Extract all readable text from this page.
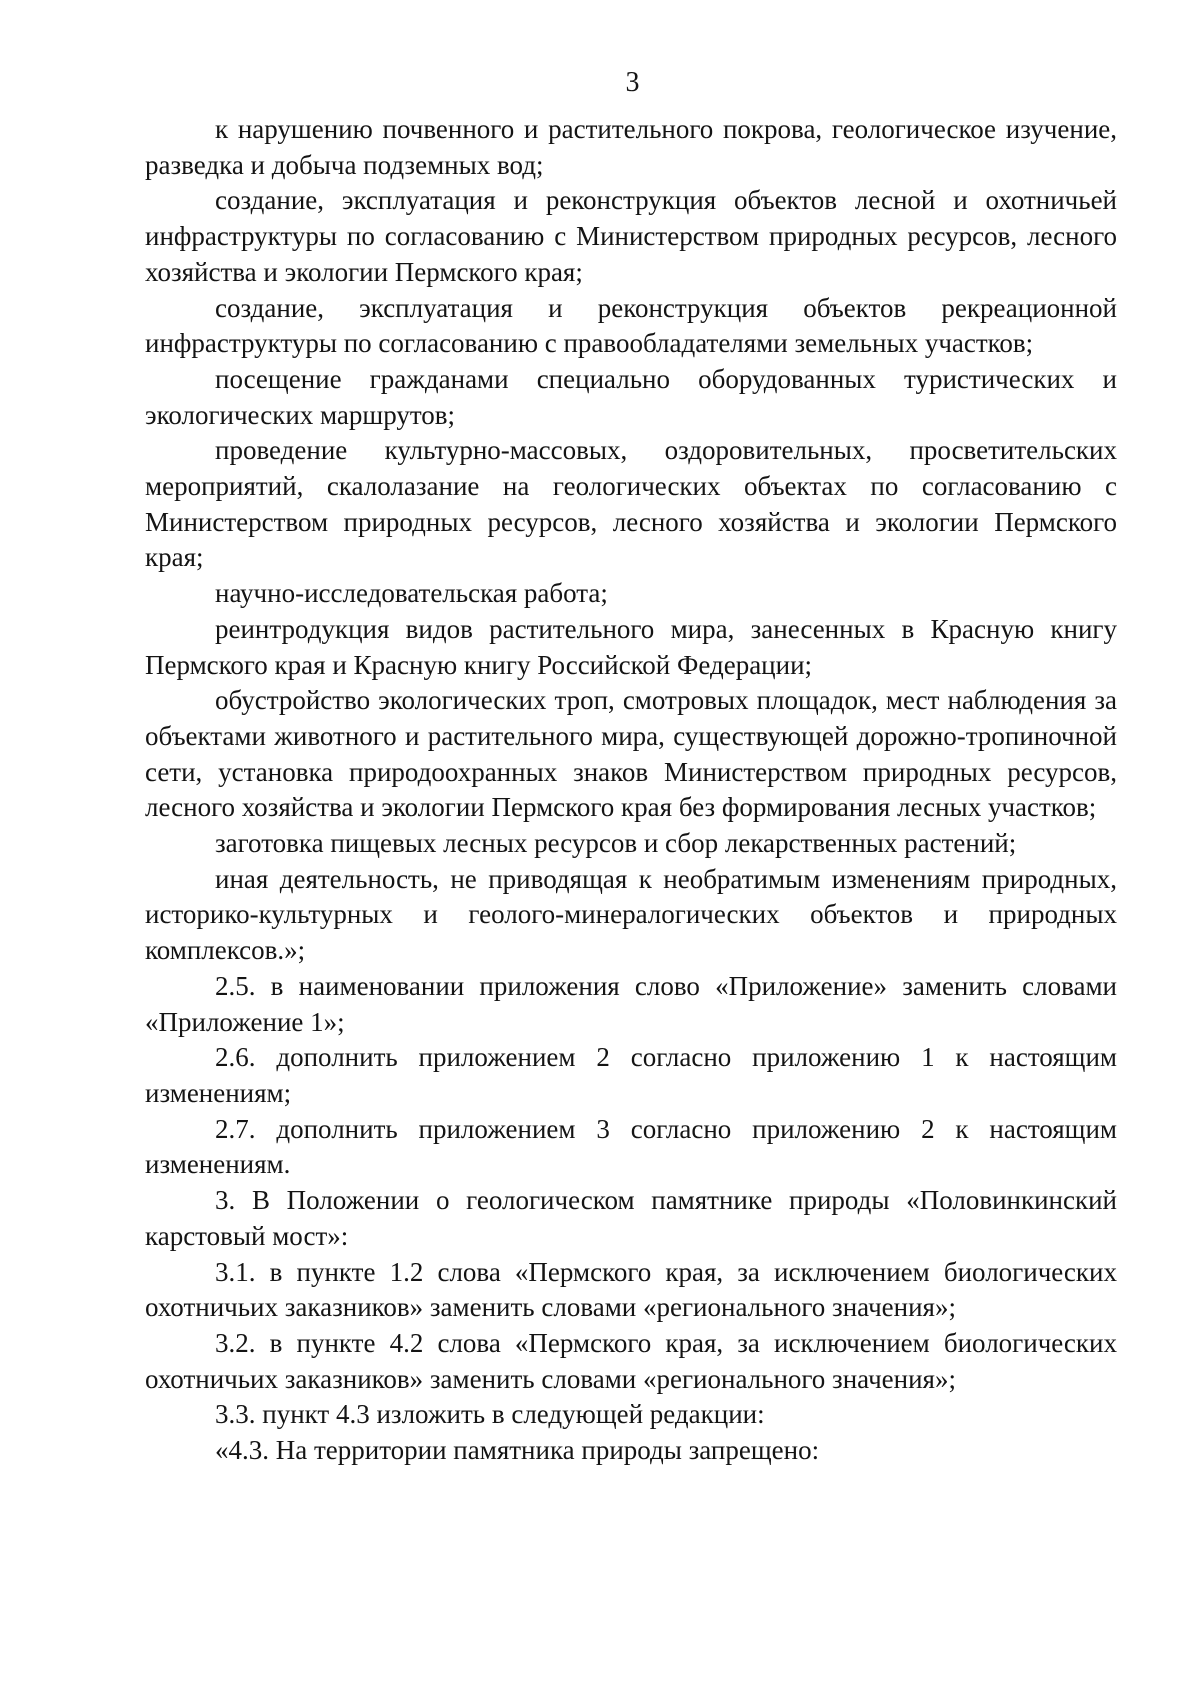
3

к нарушению почвенного и растительного покрова, геологическое изучение, разведка и добыча подземных вод;

создание, эксплуатация и реконструкция объектов лесной и охотничьей инфраструктуры по согласованию с Министерством природных ресурсов, лесного хозяйства и экологии Пермского края;

создание, эксплуатация и реконструкция объектов рекреационной инфраструктуры по согласованию с правообладателями земельных участков;

посещение гражданами специально оборудованных туристических и экологических маршрутов;

проведение культурно-массовых, оздоровительных, просветительских мероприятий, скалолазание на геологических объектах по согласованию с Министерством природных ресурсов, лесного хозяйства и экологии Пермского края;

научно-исследовательская работа;

реинтродукция видов растительного мира, занесенных в Красную книгу Пермского края и Красную книгу Российской Федерации;

обустройство экологических троп, смотровых площадок, мест наблюдения за объектами животного и растительного мира, существующей дорожно-тропиночной сети, установка природоохранных знаков Министерством природных ресурсов, лесного хозяйства и экологии Пермского края без формирования лесных участков;

заготовка пищевых лесных ресурсов и сбор лекарственных растений;

иная деятельность, не приводящая к необратимым изменениям природных, историко-культурных и геолого-минералогических объектов и природных комплексов.»;

2.5. в наименовании приложения слово «Приложение» заменить словами «Приложение 1»;

2.6. дополнить приложением 2 согласно приложению 1 к настоящим изменениям;

2.7. дополнить приложением 3 согласно приложению 2 к настоящим изменениям.

3. В Положении о геологическом памятнике природы «Половинкинский карстовый мост»:

3.1. в пункте 1.2 слова «Пермского края, за исключением биологических охотничьих заказников» заменить словами «регионального значения»;

3.2. в пункте 4.2 слова «Пермского края, за исключением биологических охотничьих заказников» заменить словами «регионального значения»;

3.3. пункт 4.3 изложить в следующей редакции:

«4.3. На территории памятника природы запрещено:
